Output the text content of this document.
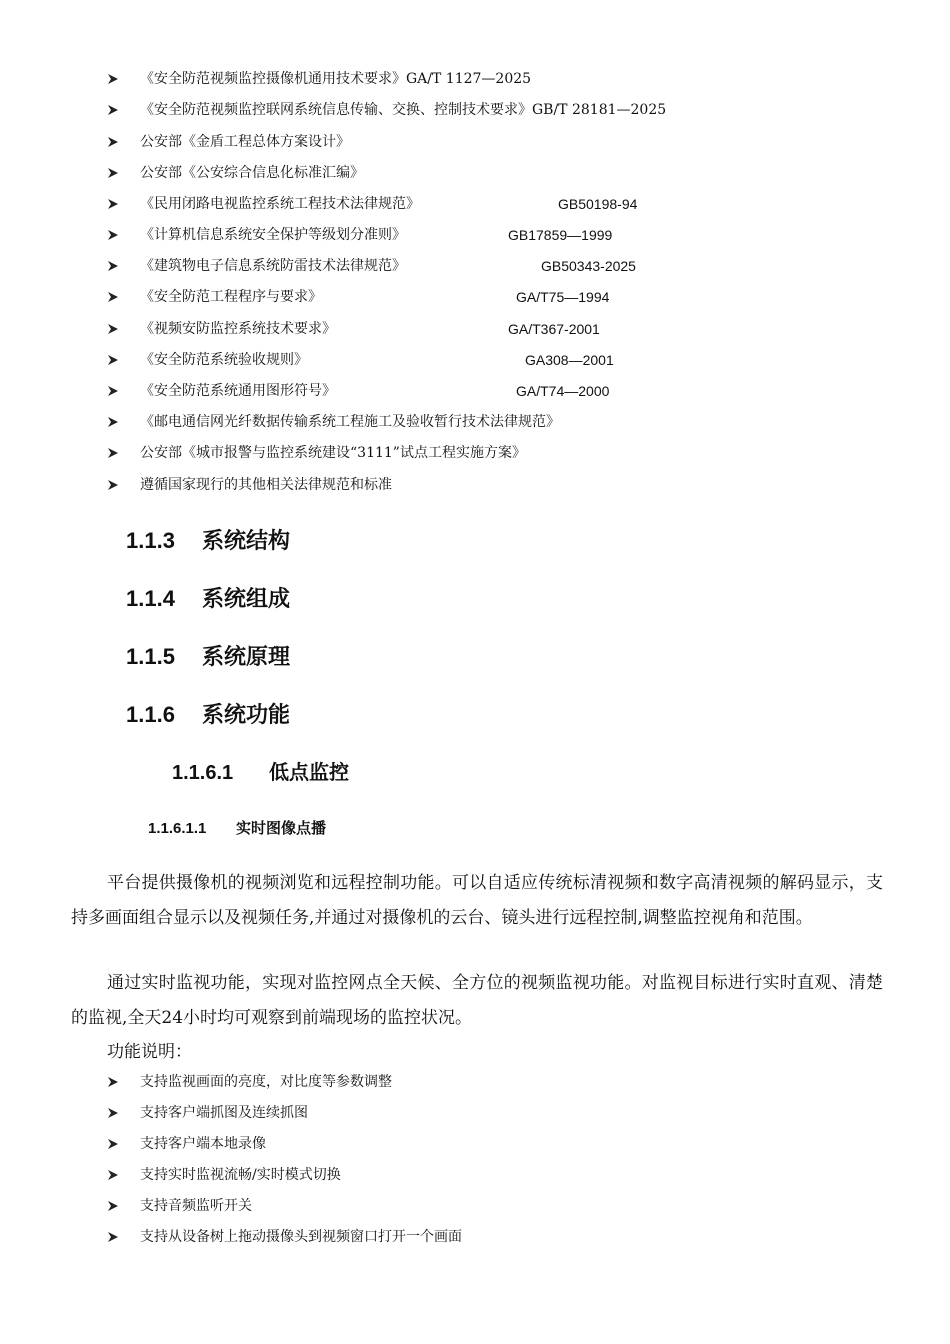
《安全防范视频监控摄像机通用技术要求》GA/T 1127—2025
《安全防范视频监控联网系统信息传输、交换、控制技术要求》GB/T 28181—2025
公安部《金盾工程总体方案设计》
公安部《公安综合信息化标准汇编》
《民用闭路电视监控系统工程技术法律规范》	GB50198-94
《计算机信息系统安全保护等级划分准则》	GB17859—1999
《建筑物电子信息系统防雷技术法律规范》	GB50343-2025
《安全防范工程程序与要求》	GA/T75—1994
《视频安防监控系统技术要求》	GA/T367-2001
《安全防范系统验收规则》	GA308—2001
《安全防范系统通用图形符号》	GA/T74—2000
《邮电通信网光纤数据传输系统工程施工及验收暂行技术法律规范》
公安部《城市报警与监控系统建设“3111”试点工程实施方案》
遵循国家现行的其他相关法律规范和标准
1.1.3 系统结构
1.1.4 系统组成
1.1.5 系统原理
1.1.6 系统功能
1.1.6.1 低点监控
1.1.6.1.1 实时图像点播
平台提供摄像机的视频浏览和远程控制功能。可以自适应传统标清视频和数字高清视频的解码显示，支持多画面组合显示以及视频任务,并通过对摄像机的云台、镜头进行远程控制,调整监控视角和范围。
通过实时监视功能，实现对监控网点全天候、全方位的视频监视功能。对监视目标进行实时直观、清楚的监视,全天24小时均可观察到前端现场的监控状况。
功能说明：
支持监视画面的亮度，对比度等参数调整
支持客户端抓图及连续抓图
支持客户端本地录像
支持实时监视流畅/实时模式切换
支持音频监听开关
支持从设备树上拖动摄像头到视频窗口打开一个画面
